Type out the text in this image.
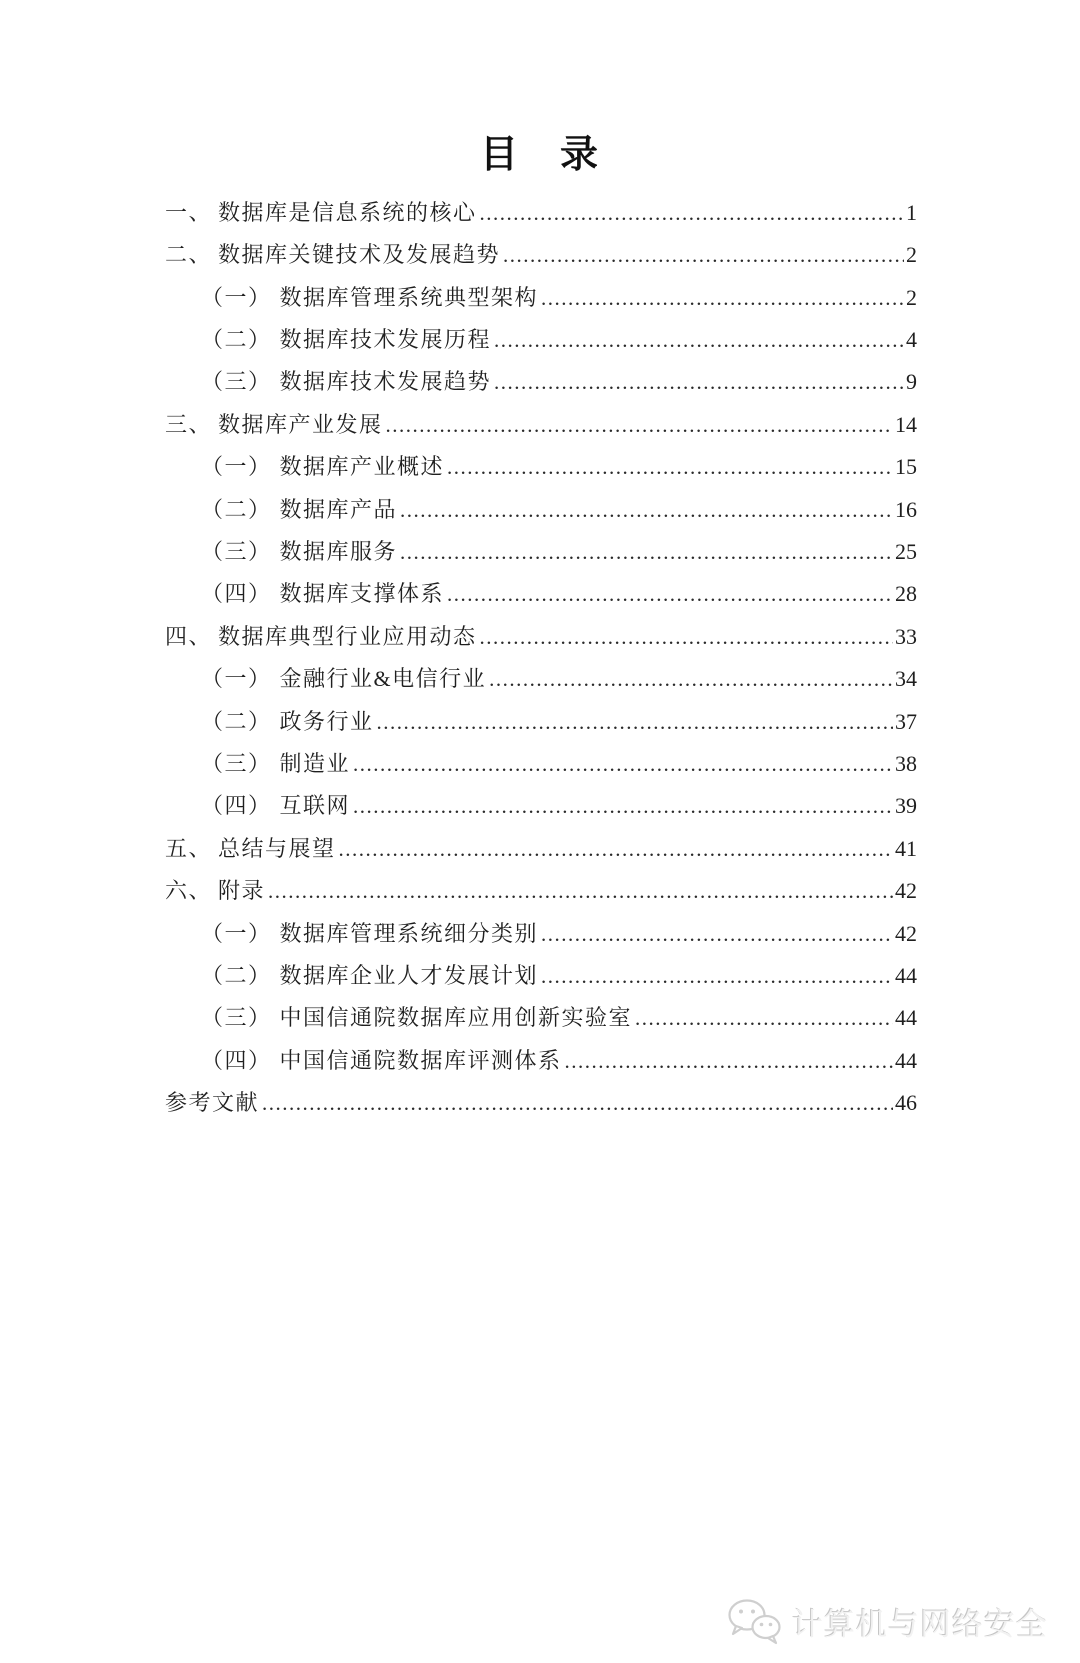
目　录
一、 数据库是信息系统的核心 .....	1
二、 数据库关键技术及发展趋势 .....	2
（一） 数据库管理系统典型架构 .....	2
（二） 数据库技术发展历程 .....	4
（三） 数据库技术发展趋势 .....	9
三、 数据库产业发展 .....	14
（一） 数据库产业概述 .....	15
（二） 数据库产品 .....	16
（三） 数据库服务 .....	25
（四） 数据库支撑体系 .....	28
四、 数据库典型行业应用动态 .....	33
（一） 金融行业&电信行业 .....	34
（二） 政务行业 .....	37
（三） 制造业 .....	38
（四） 互联网 .....	39
五、 总结与展望 .....	41
六、 附录 .....	42
（一） 数据库管理系统细分类别 .....	42
（二） 数据库企业人才发展计划 .....	44
（三） 中国信通院数据库应用创新实验室 .....	44
（四） 中国信通院数据库评测体系 .....	44
参考文献 .....	46
计算机与网络安全
